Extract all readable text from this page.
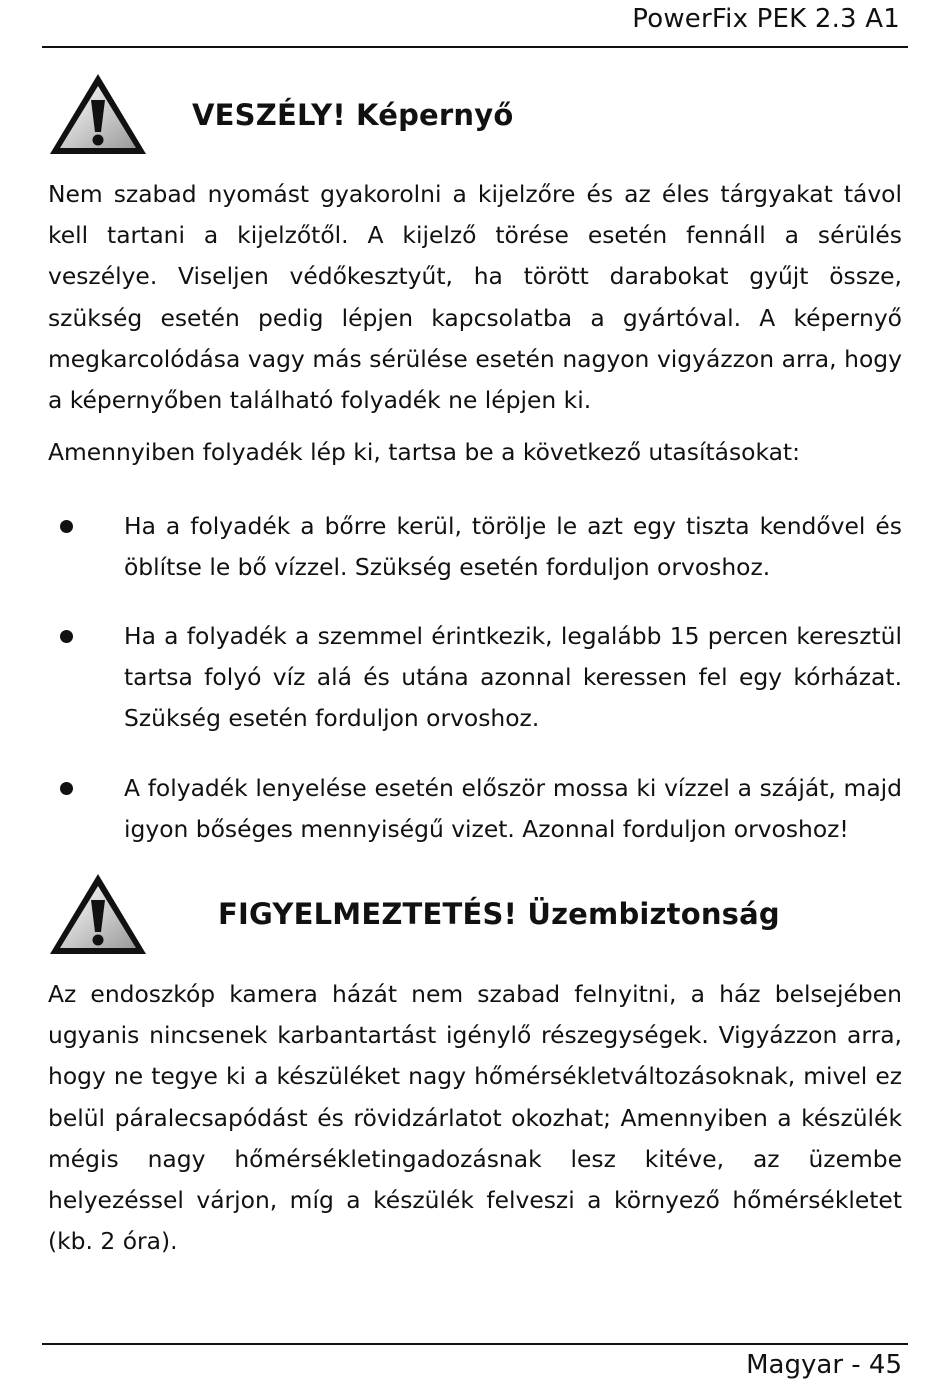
PowerFix PEK 2.3 A1
VESZÉLY! Képernyő

Nem szabad nyomást gyakorolni a kijelzőre és az éles tárgyakat távol kell tartani a kijelzőtől. A kijelző törése esetén fennáll a sérülés veszélye. Viseljen védőkesztyűt, ha törött darabokat gyűjt össze, szükség esetén pedig lépjen kapcsolatba a gyártóval. A képernyő megkarcolódása vagy más sérülése esetén nagyon vigyázzon arra, hogy a képernyőben található folyadék ne lépjen ki.

Amennyiben folyadék lép ki, tartsa be a következő utasításokat:

Ha a folyadék a bőrre kerül, törölje le azt egy tiszta kendővel és öblítse le bő vízzel. Szükség esetén forduljon orvoshoz.

Ha a folyadék a szemmel érintkezik, legalább 15 percen keresztül tartsa folyó víz alá és utána azonnal keressen fel egy kórházat. Szükség esetén forduljon orvoshoz.

A folyadék lenyelése esetén először mossa ki vízzel a száját, majd igyon bőséges mennyiségű vizet. Azonnal forduljon orvoshoz!

FIGYELMEZTETÉS! Üzembiztonság

Az endoszkóp kamera házát nem szabad felnyitni, a ház belsejében ugyanis nincsenek karbantartást igénylő részegységek. Vigyázzon arra, hogy ne tegye ki a készüléket nagy hőmérsékletváltozásoknak, mivel ez belül páralecsapódást és rövidzárlatot okozhat; Amennyiben a készülék mégis nagy hőmérsékletingadozásnak lesz kitéve, az üzembe helyezéssel várjon, míg a készülék felveszi a környező hőmérsékletet (kb. 2 óra).

Magyar - 45
